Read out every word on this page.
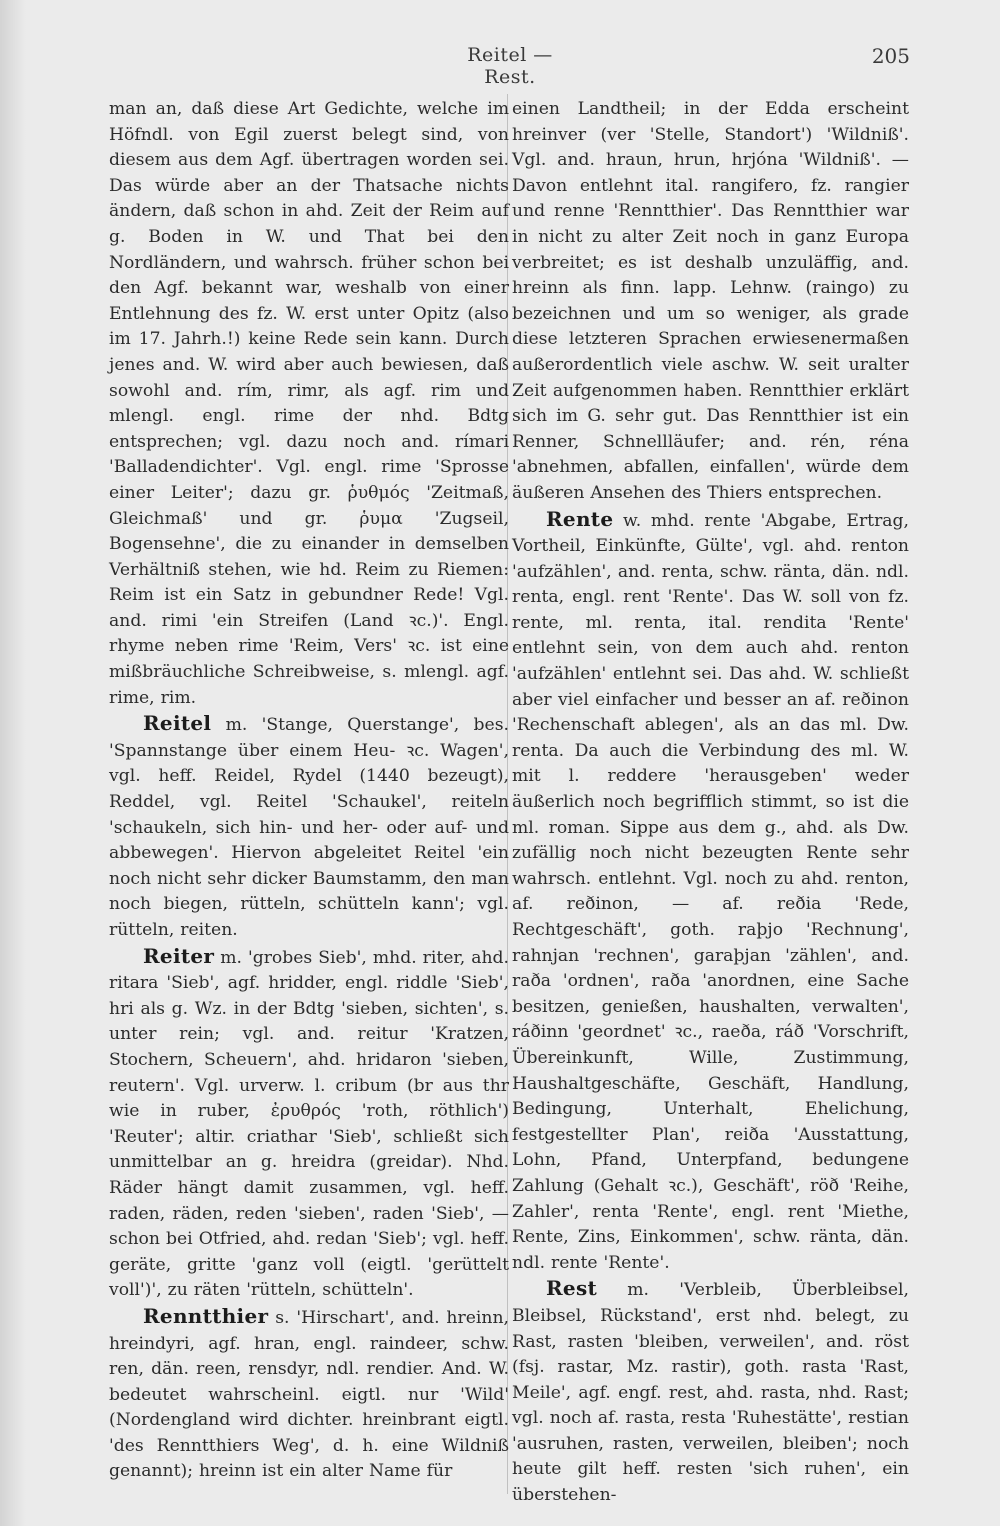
Reitel — Rest.
205

man an, daß diese Art Gedichte, welche im Höfndl. von Egil zuerst belegt sind, von diesem aus dem Agf. übertragen worden sei. Das würde aber an der Thatsache nichts ändern, daß schon in ahd. Zeit der Reim auf g. Boden in W. und That bei den Nordländern, und wahrsch. früher schon bei den Agf. bekannt war, weshalb von einer Entlehnung des fz. W. erst unter Opitz (also im 17. Jahrh.!) keine Rede sein kann. Durch jenes and. W. wird aber auch bewiesen, daß sowohl and. rím, rimr, als agf. rim und mlengl. engl. rime der nhd. Bdtg entsprechen; vgl. dazu noch and. rímari 'Balladendichter'. Vgl. engl. rime 'Sprosse einer Leiter'; dazu gr. ῥυθμός 'Zeitmaß, Gleichmaß' und gr. ῥυμα 'Zugseil, Bogensehne', die zu einander in demselben Verhältniß stehen, wie hd. Reim zu Riemen: Reim ist ein Satz in gebundner Rede! Vgl. and. rimi 'ein Streifen (Land ꝛc.)'. Engl. rhyme neben rime 'Reim, Vers' ꝛc. ist eine mißbräuchliche Schreibweise, s. mlengl. agf. rime, rim.

Reitel m. 'Stange, Querstange', bes. 'Spannstange über einem Heu- ꝛc. Wagen', vgl. heff. Reidel, Rydel (1440 bezeugt), Reddel, vgl. Reitel 'Schaukel', reiteln 'schaukeln, sich hin- und her- oder auf- und abbewegen'. Hiervon abgeleitet Reitel 'ein noch nicht sehr dicker Baumstamm, den man noch biegen, rütteln, schütteln kann'; vgl. rütteln, reiten.

Reiter m. 'grobes Sieb', mhd. riter, ahd. ritara 'Sieb', agf. hridder, engl. riddle 'Sieb', hri als g. Wz. in der Bdtg 'sieben, sichten', s. unter rein; vgl. and. reitur 'Kratzen, Stochern, Scheuern', ahd. hridaron 'sieben, reutern'. Vgl. urverw. l. cribum (br aus thr wie in ruber, ἐρυθρός 'roth, röthlich') 'Reuter'; altir. criathar 'Sieb', schließt sich unmittelbar an g. hreidra (greidar). Nhd. Räder hängt damit zusammen, vgl. heff. raden, räden, reden 'sieben', raden 'Sieb', — schon bei Otfried, ahd. redan 'Sieb'; vgl. heff. geräte, gritte 'ganz voll (eigtl. 'gerüttelt voll')', zu räten 'rütteln, schütteln'.

Renntthier s. 'Hirschart', and. hreinn, hreindyri, agf. hran, engl. raindeer, schw. ren, dän. reen, rensdyr, ndl. rendier. And. W. bedeutet wahrscheinl. eigtl. nur 'Wild' (Nordengland wird dichter. hreinbrant eigtl. 'des Renntthiers Weg', d. h. eine Wildniß genannt); hreinn ist ein alter Name für

einen Landtheil; in der Edda erscheint hreinver (ver 'Stelle, Standort') 'Wildniß'. Vgl. and. hraun, hrun, hrjóna 'Wildniß'. — Davon entlehnt ital. rangifero, fz. rangier und renne 'Renntthier'. Das Renntthier war in nicht zu alter Zeit noch in ganz Europa verbreitet; es ist deshalb unzuläffig, and. hreinn als finn. lapp. Lehnw. (raingo) zu bezeichnen und um so weniger, als grade diese letzteren Sprachen erwiesenermaßen außerordentlich viele aschw. W. seit uralter Zeit aufgenommen haben. Renntthier erklärt sich im G. sehr gut. Das Renntthier ist ein Renner, Schnellläufer; and. rén, réna 'abnehmen, abfallen, einfallen', würde dem äußeren Ansehen des Thiers entsprechen.

Rente w. mhd. rente 'Abgabe, Ertrag, Vortheil, Einkünfte, Gülte', vgl. ahd. renton 'aufzählen', and. renta, schw. ränta, dän. ndl. renta, engl. rent 'Rente'. Das W. soll von fz. rente, ml. renta, ital. rendita 'Rente' entlehnt sein, von dem auch ahd. renton 'aufzählen' entlehnt sei. Das ahd. W. schließt aber viel einfacher und besser an af. reðinon 'Rechenschaft ablegen', als an das ml. Dw. renta. Da auch die Verbindung des ml. W. mit l. reddere 'herausgeben' weder äußerlich noch begrifflich stimmt, so ist die ml. roman. Sippe aus dem g., ahd. als Dw. zufällig noch nicht bezeugten Rente sehr wahrsch. entlehnt. Vgl. noch zu ahd. renton, af. reðinon, — af. reðia 'Rede, Rechtgeschäft', goth. raþjo 'Rechnung', rahnjan 'rechnen', garaþjan 'zählen', and. raða 'ordnen', raða 'anordnen, eine Sache besitzen, genießen, haushalten, verwalten', ráðinn 'geordnet' ꝛc., raeða, ráð 'Vorschrift, Übereinkunft, Wille, Zustimmung, Haushaltgeschäfte, Geschäft, Handlung, Bedingung, Unterhalt, Ehelichung, festgestellter Plan', reiða 'Ausstattung, Lohn, Pfand, Unterpfand, bedungene Zahlung (Gehalt ꝛc.), Geschäft', röð 'Reihe, Zahler', renta 'Rente', engl. rent 'Miethe, Rente, Zins, Einkommen', schw. ränta, dän. ndl. rente 'Rente'.

Rest m. 'Verbleib, Überbleibsel, Bleibsel, Rückstand', erst nhd. belegt, zu Rast, rasten 'bleiben, verweilen', and. röst (fsj. rastar, Mz. rastir), goth. rasta 'Rast, Meile', agf. engf. rest, ahd. rasta, nhd. Rast; vgl. noch af. rasta, resta 'Ruhestätte', restian 'ausruhen, rasten, verweilen, bleiben'; noch heute gilt heff. resten 'sich ruhen', ein überstehen-
